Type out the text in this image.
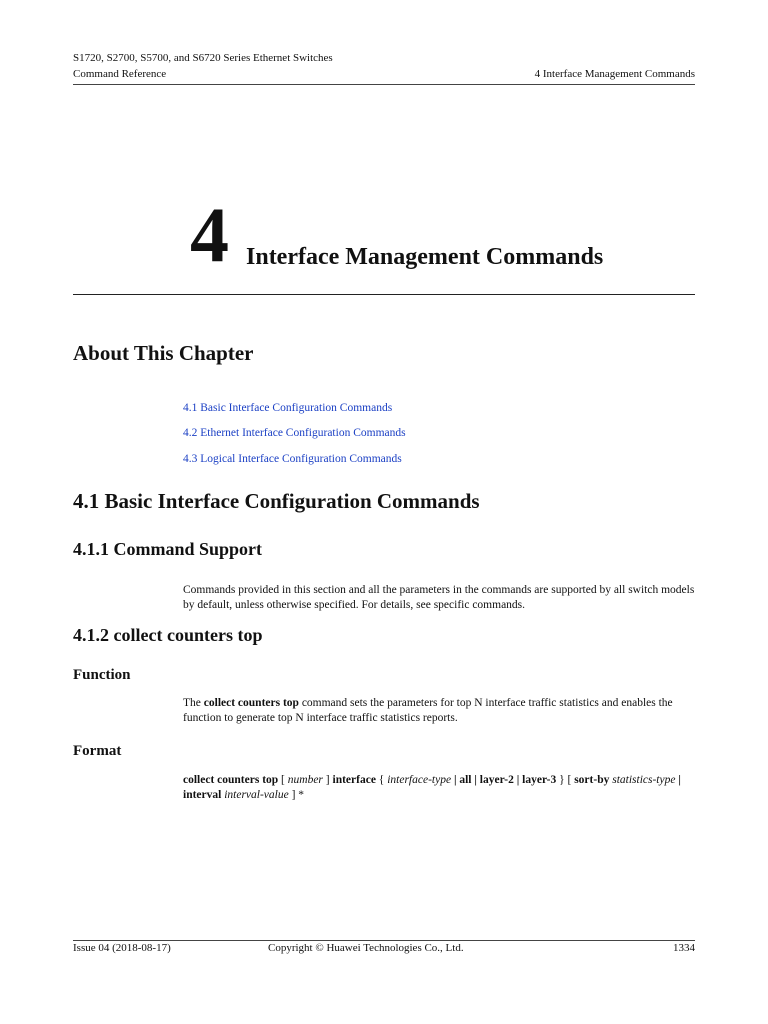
S1720, S2700, S5700, and S6720 Series Ethernet Switches
Command Reference	4 Interface Management Commands
4 Interface Management Commands
About This Chapter
4.1 Basic Interface Configuration Commands
4.2 Ethernet Interface Configuration Commands
4.3 Logical Interface Configuration Commands
4.1 Basic Interface Configuration Commands
4.1.1 Command Support
Commands provided in this section and all the parameters in the commands are supported by all switch models by default, unless otherwise specified. For details, see specific commands.
4.1.2 collect counters top
Function
The collect counters top command sets the parameters for top N interface traffic statistics and enables the function to generate top N interface traffic statistics reports.
Format
collect counters top [ number ] interface { interface-type | all | layer-2 | layer-3 } [ sort-by statistics-type | interval interval-value ] *
Issue 04 (2018-08-17)	Copyright © Huawei Technologies Co., Ltd.	1334
